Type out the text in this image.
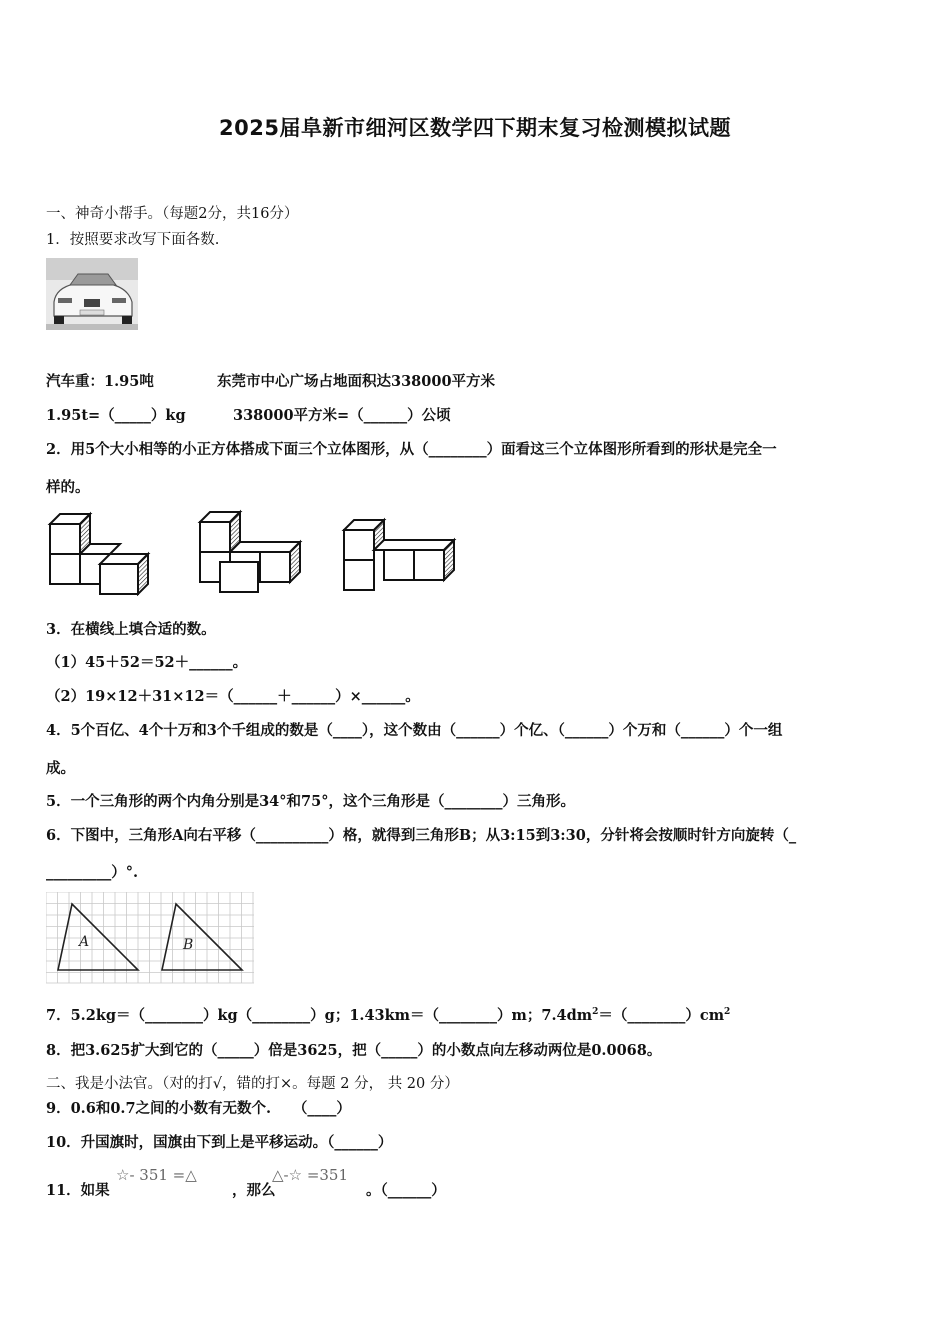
2025届阜新市细河区数学四下期末复习检测模拟试题
一、神奇小帮手。（每题2分，共16分）
1．按照要求改写下面各数.
汽车重：1.95吨	东莞市中心广场占地面积达338000平方米
1.95t=（_____）kg	338000平方米=（______）公顷
2．用5个大小相等的小正方体搭成下面三个立体图形，从（________）面看这三个立体图形所看到的形状是完全一
样的。
3．在横线上填合适的数。
（1）45＋52＝52＋______。
（2）19×12＋31×12＝（______＋______）×______。
4．5个百亿、4个十万和3个千组成的数是（____），这个数由（______）个亿、（______）个万和（______）个一组
成。
5．一个三角形的两个内角分别是34°和75°，这个三角形是（________）三角形。
6．下图中，三角形A向右平移（__________）格，就得到三角形B；从3:15到3:30，分针将会按顺时针方向旋转（_
_________）°.
A	B
7．5.2kg＝（________）kg（________）g；1.43km＝（________）m；$7.4dm^2=(\_\_\_\_\_\_\_\_)cm^2$
8．把3.625扩大到它的（_____）倍是3625，把（_____）的小数点向左移动两位是0.0068。
二、我是小法官。（对的打√，错的打×。每题 2 分， 共 20 分）
9．0.6和0.7之间的小数有无数个.　　（____）
10．升国旗时，国旗由下到上是平移运动。（______）
11．如果
☆- 351 =△
，那么
△-☆ =351
。（______）
